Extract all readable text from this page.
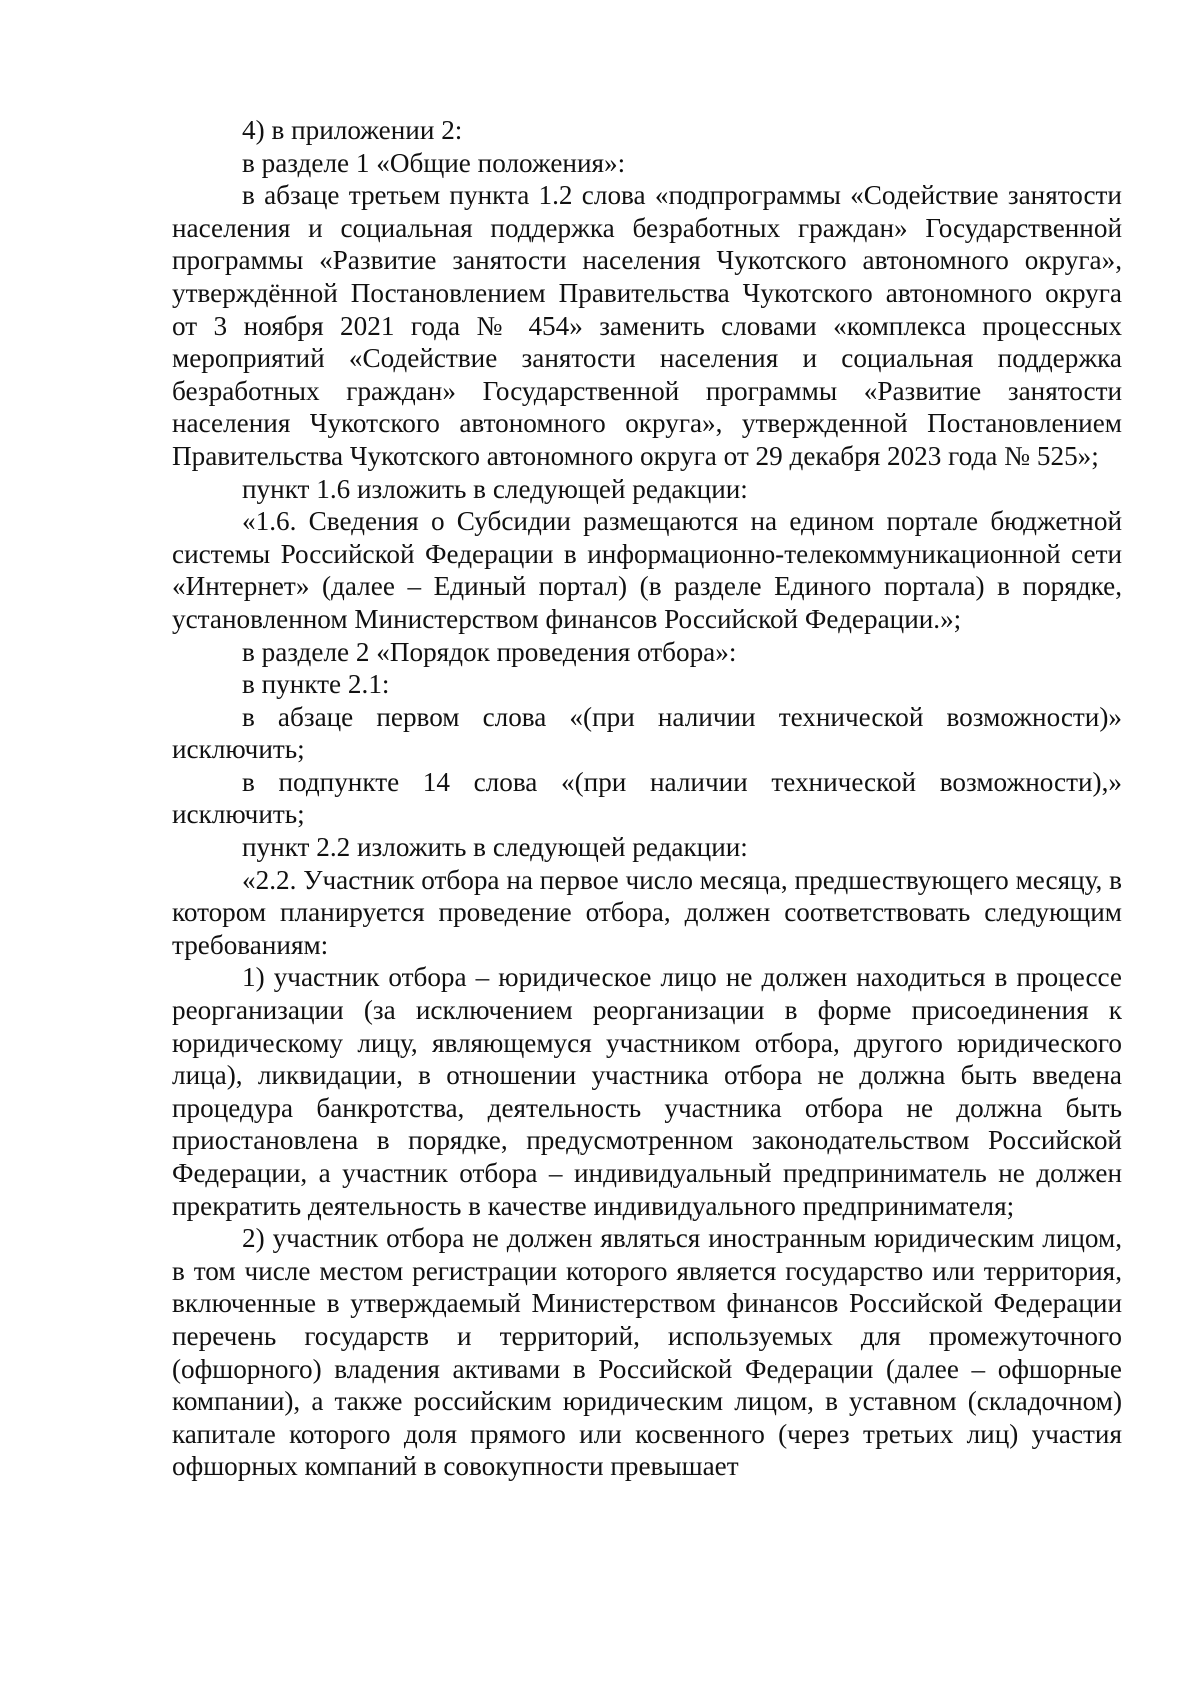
4) в приложении 2:

в разделе 1 «Общие положения»:

в абзаце третьем пункта 1.2 слова «подпрограммы «Содействие занятости населения и социальная поддержка безработных граждан» Государственной программы «Развитие занятости населения Чукотского автономного округа», утверждённой Постановлением Правительства Чукотского автономного округа от 3 ноября 2021 года № 454» заменить словами «комплекса процессных мероприятий «Содействие занятости населения и социальная поддержка безработных граждан» Государственной программы «Развитие занятости населения Чукотского автономного округа», утвержденной Постановлением Правительства Чукотского автономного округа от 29 декабря 2023 года № 525»;

пункт 1.6 изложить в следующей редакции:

«1.6. Сведения о Субсидии размещаются на едином портале бюджетной системы Российской Федерации в информационно-телекоммуникационной сети «Интернет» (далее – Единый портал) (в разделе Единого портала) в порядке, установленном Министерством финансов Российской Федерации.»;

в разделе 2 «Порядок проведения отбора»:

в пункте 2.1:

в абзаце первом слова «(при наличии технической возможности)» исключить;

в подпункте 14 слова «(при наличии технической возможности),» исключить;

пункт 2.2 изложить в следующей редакции:

«2.2. Участник отбора на первое число месяца, предшествующего месяцу, в котором планируется проведение отбора, должен соответствовать следующим требованиям:

1) участник отбора – юридическое лицо не должен находиться в процессе реорганизации (за исключением реорганизации в форме присоединения к юридическому лицу, являющемуся участником отбора, другого юридического лица), ликвидации, в отношении участника отбора не должна быть введена процедура банкротства, деятельность участника отбора не должна быть приостановлена в порядке, предусмотренном законодательством Российской Федерации, а участник отбора – индивидуальный предприниматель не должен прекратить деятельность в качестве индивидуального предпринимателя;

2) участник отбора не должен являться иностранным юридическим лицом, в том числе местом регистрации которого является государство или территория, включенные в утверждаемый Министерством финансов Российской Федерации перечень государств и территорий, используемых для промежуточного (офшорного) владения активами в Российской Федерации (далее – офшорные компании), а также российским юридическим лицом, в уставном (складочном) капитале которого доля прямого или косвенного (через третьих лиц) участия офшорных компаний в совокупности превышает
